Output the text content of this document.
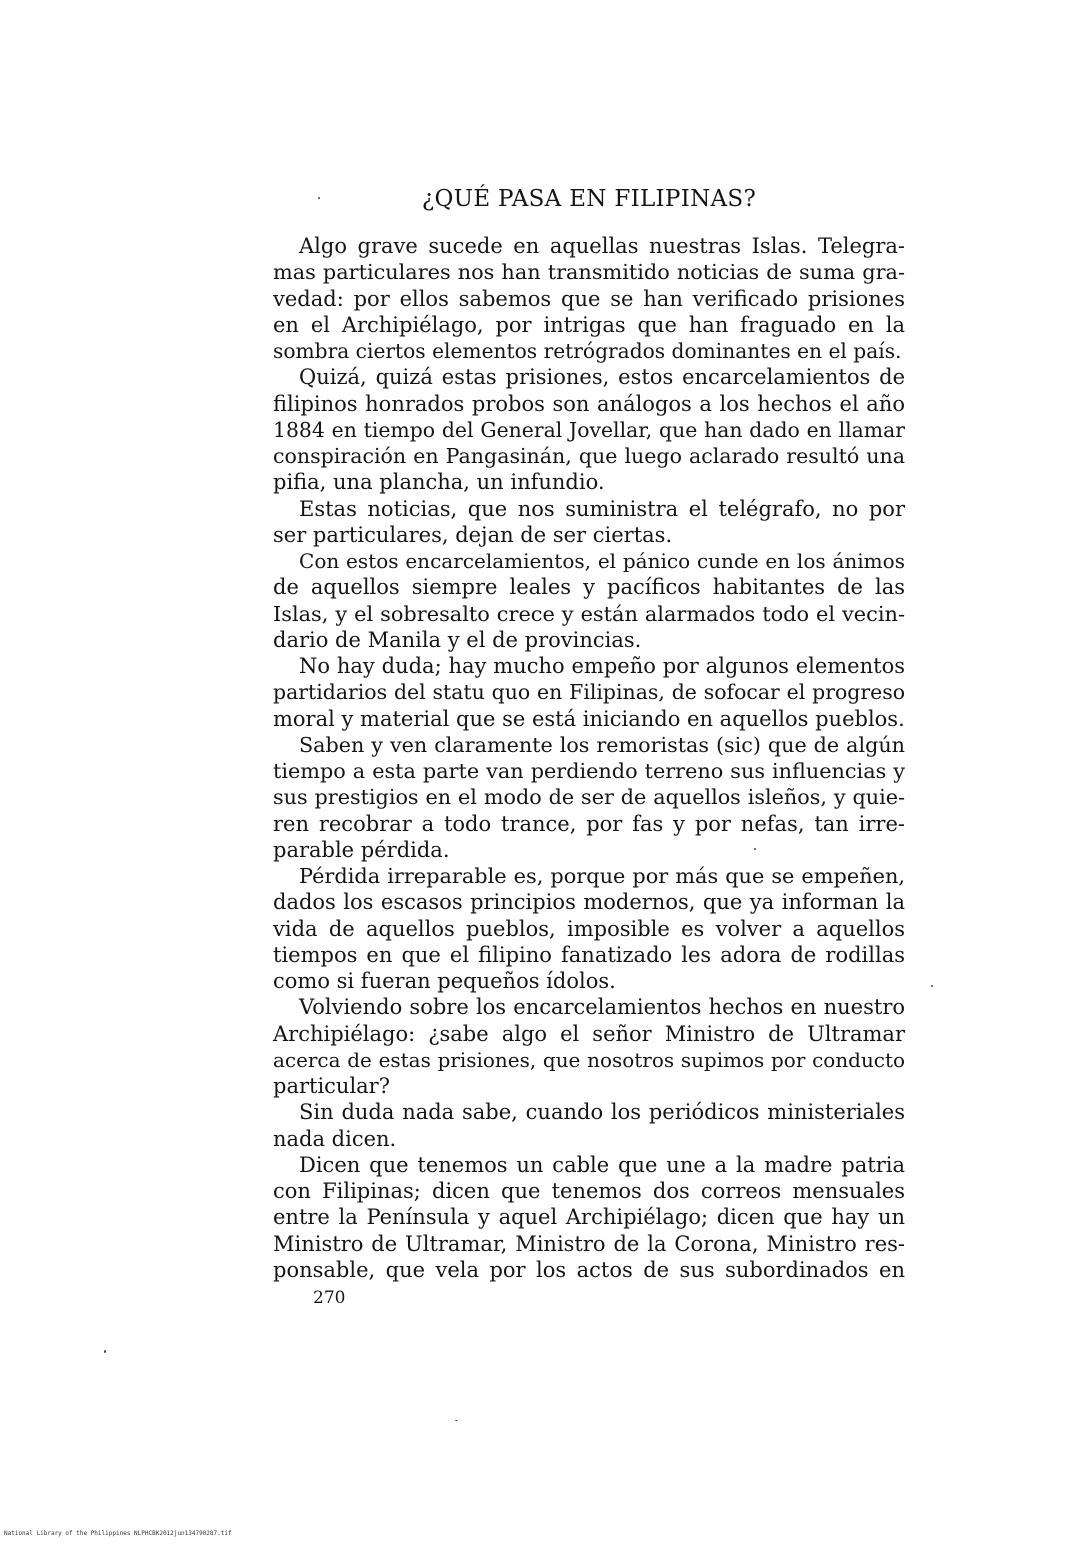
¿QUÉ PASA EN FILIPINAS?
Algo grave sucede en aquellas nuestras Islas. Telegra-
mas particulares nos han transmitido noticias de suma gra-
vedad: por ellos sabemos que se han verificado prisiones
en el Archipiélago, por intrigas que han fraguado en la
sombra ciertos elementos retrógrados dominantes en el país.
Quizá, quizá estas prisiones, estos encarcelamientos de
filipinos honrados probos son análogos a los hechos el año
1884 en tiempo del General Jovellar, que han dado en llamar
conspiración en Pangasinán, que luego aclarado resultó una
pifia, una plancha, un infundio.
Estas noticias, que nos suministra el telégrafo, no por
ser particulares, dejan de ser ciertas.
Con estos encarcelamientos, el pánico cunde en los ánimos
de aquellos siempre leales y pacíficos habitantes de las
Islas, y el sobresalto crece y están alarmados todo el vecin-
dario de Manila y el de provincias.
No hay duda; hay mucho empeño por algunos elementos
partidarios del statu quo en Filipinas, de sofocar el progreso
moral y material que se está iniciando en aquellos pueblos.
Saben y ven claramente los remoristas (sic) que de algún
tiempo a esta parte van perdiendo terreno sus influencias y
sus prestigios en el modo de ser de aquellos isleños, y quie-
ren recobrar a todo trance, por fas y por nefas, tan irre-
parable pérdida.
Pérdida irreparable es, porque por más que se empeñen,
dados los escasos principios modernos, que ya informan la
vida de aquellos pueblos, imposible es volver a aquellos
tiempos en que el filipino fanatizado les adora de rodillas
como si fueran pequeños ídolos.
Volviendo sobre los encarcelamientos hechos en nuestro
Archipiélago: ¿sabe algo el señor Ministro de Ultramar
acerca de estas prisiones, que nosotros supimos por conducto
particular?
Sin duda nada sabe, cuando los periódicos ministeriales
nada dicen.
Dicen que tenemos un cable que une a la madre patria
con Filipinas; dicen que tenemos dos correos mensuales
entre la Península y aquel Archipiélago; dicen que hay un
Ministro de Ultramar, Ministro de la Corona, Ministro res-
ponsable, que vela por los actos de sus subordinados en
270
National Library of the Philippines NLPHCBK2012jun134790287.tif
